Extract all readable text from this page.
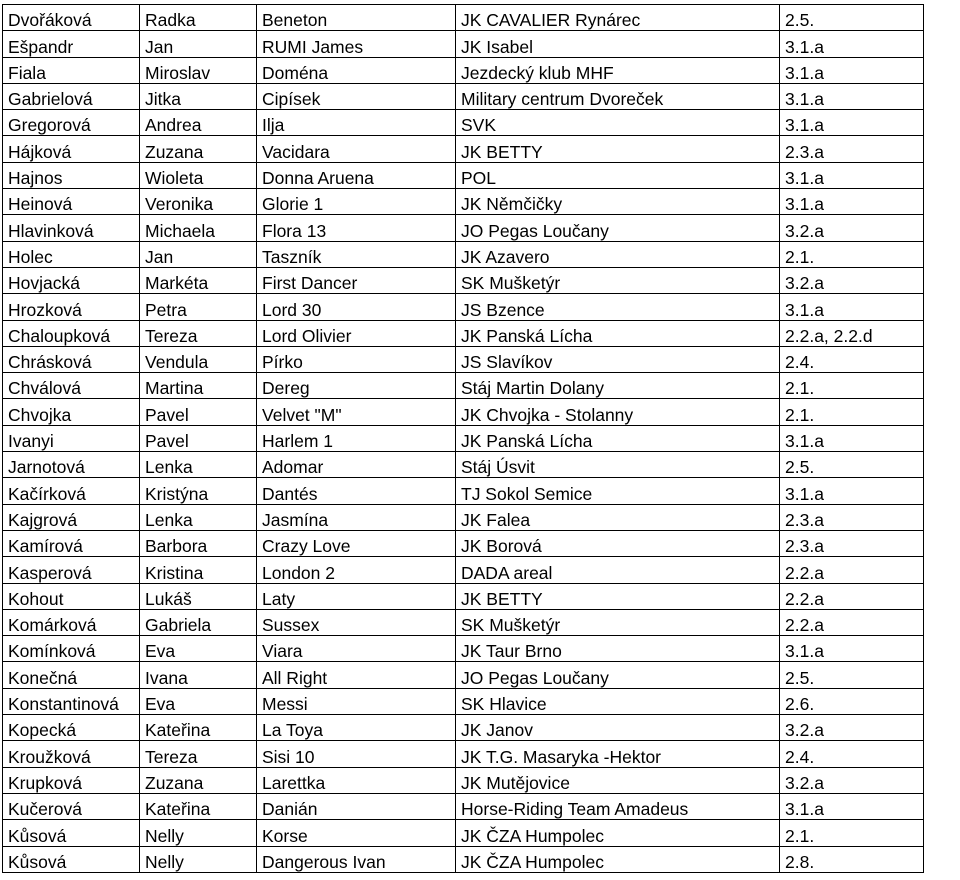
Dvořáková	Radka	Beneton	JK CAVALIER Rynárec	2.5.
Ešpandr	Jan	RUMI James	JK Isabel	3.1.a
Fiala	Miroslav	Doména	Jezdecký klub MHF	3.1.a
Gabrielová	Jitka	Cipísek	Military centrum Dvoreček	3.1.a
Gregorová	Andrea	Ilja	SVK	3.1.a
Hájková	Zuzana	Vacidara	JK BETTY	2.3.a
Hajnos	Wioleta	Donna Aruena	POL	3.1.a
Heinová	Veronika	Glorie 1	JK Němčičky	3.1.a
Hlavinková	Michaela	Flora 13	JO Pegas Loučany	3.2.a
Holec	Jan	Taszník	JK Azavero	2.1.
Hovjacká	Markéta	First Dancer	SK Mušketýr	3.2.a
Hrozková	Petra	Lord 30	JS Bzence	3.1.a
Chaloupková	Tereza	Lord Olivier	JK Panská Lícha	2.2.a, 2.2.d
Chrásková	Vendula	Pírko	JS Slavíkov	2.4.
Chválová	Martina	Dereg	Stáj Martin Dolany	2.1.
Chvojka	Pavel	Velvet "M"	JK Chvojka - Stolanny	2.1.
Ivanyi	Pavel	Harlem 1	JK Panská Lícha	3.1.a
Jarnotová	Lenka	Adomar	Stáj Úsvit	2.5.
Kačírková	Kristýna	Dantés	TJ Sokol Semice	3.1.a
Kajgrová	Lenka	Jasmína	JK Falea	2.3.a
Kamírová	Barbora	Crazy Love	JK Borová	2.3.a
Kasperová	Kristina	London 2	DADA areal	2.2.a
Kohout	Lukáš	Laty	JK BETTY	2.2.a
Komárková	Gabriela	Sussex	SK Mušketýr	2.2.a
Komínková	Eva	Viara	JK Taur Brno	3.1.a
Konečná	Ivana	All Right	JO Pegas Loučany	2.5.
Konstantinová	Eva	Messi	SK Hlavice	2.6.
Kopecká	Kateřina	La Toya	JK Janov	3.2.a
Kroužková	Tereza	Sisi 10	JK T.G. Masaryka -Hektor	2.4.
Krupková	Zuzana	Larettka	JK Mutějovice	3.2.a
Kučerová	Kateřina	Danián	Horse-Riding Team Amadeus	3.1.a
Kůsová	Nelly	Korse	JK ČZA Humpolec	2.1.
Kůsová	Nelly	Dangerous Ivan	JK ČZA Humpolec	2.8.
